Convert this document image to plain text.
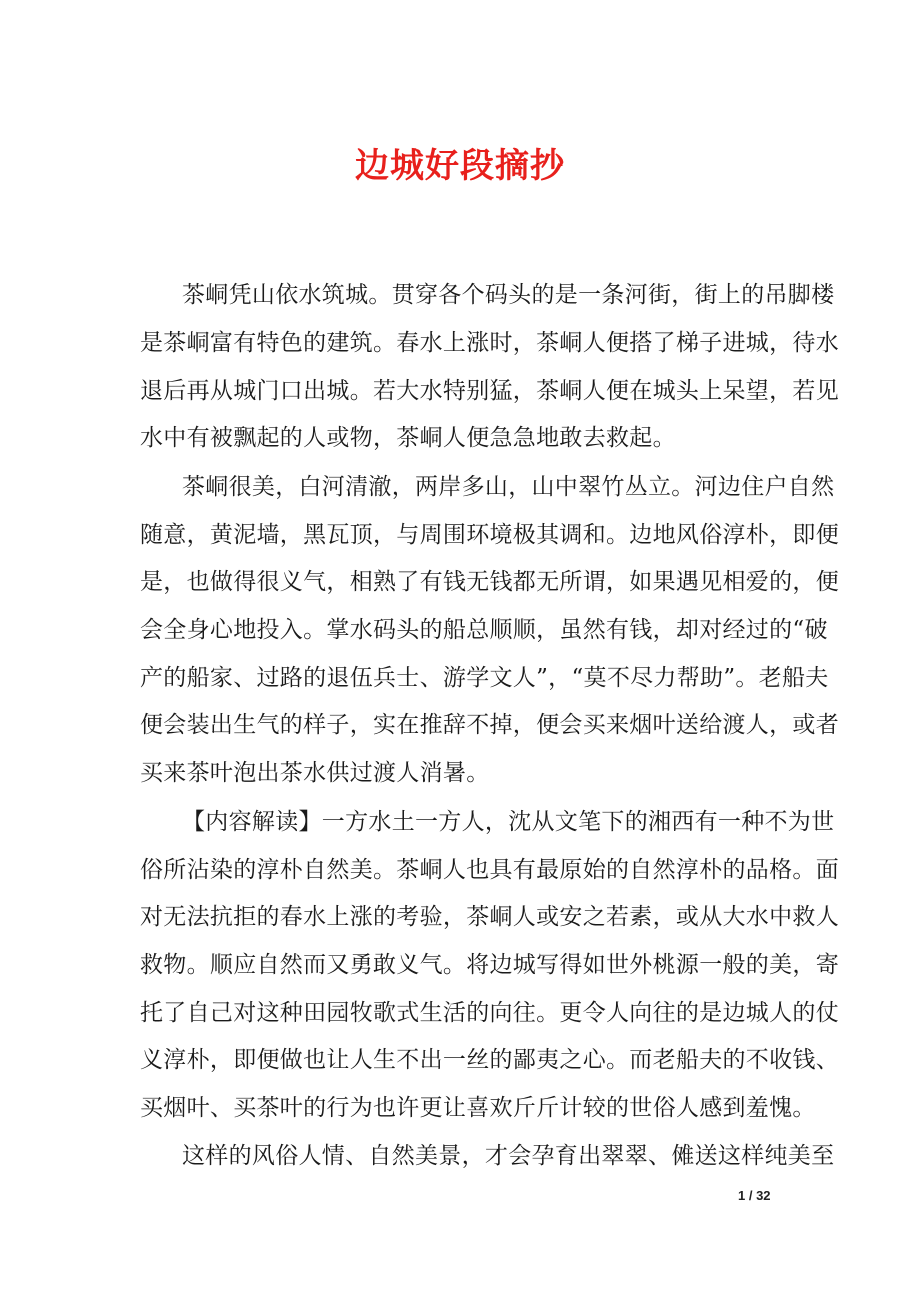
边城好段摘抄
茶峒凭山依水筑城。贯穿各个码头的是一条河街，街上的吊脚楼
是茶峒富有特色的建筑。春水上涨时，茶峒人便搭了梯子进城，待水
退后再从城门口出城。若大水特别猛，茶峒人便在城头上呆望，若见
水中有被飘起的人或物，茶峒人便急急地敢去救起。
茶峒很美，白河清澈，两岸多山，山中翠竹丛立。河边住户自然
随意，黄泥墙，黑瓦顶，与周围环境极其调和。边地风俗淳朴，即便
是，也做得很义气，相熟了有钱无钱都无所谓，如果遇见相爱的，便
会全身心地投入。掌水码头的船总顺顺，虽然有钱，却对经过的“破
产的船家、过路的退伍兵士、游学文人”，“莫不尽力帮助”。老船夫
便会装出生气的样子，实在推辞不掉，便会买来烟叶送给渡人，或者
买来茶叶泡出茶水供过渡人消暑。
【内容解读】一方水土一方人，沈从文笔下的湘西有一种不为世
俗所沾染的淳朴自然美。茶峒人也具有最原始的自然淳朴的品格。面
对无法抗拒的春水上涨的考验，茶峒人或安之若素，或从大水中救人
救物。顺应自然而又勇敢义气。将边城写得如世外桃源一般的美，寄
托了自己对这种田园牧歌式生活的向往。更令人向往的是边城人的仗
义淳朴，即便做也让人生不出一丝的鄙夷之心。而老船夫的不收钱、
买烟叶、买茶叶的行为也许更让喜欢斤斤计较的世俗人感到羞愧。
这样的风俗人情、自然美景，才会孕育出翠翠、傩送这样纯美至
1 / 32
